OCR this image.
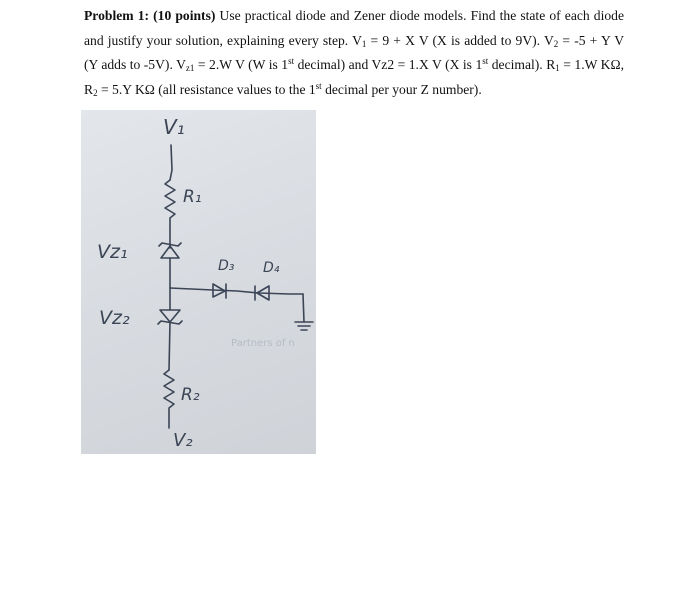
Problem 1: (10 points) Use practical diode and Zener diode models. Find the state of each diode and justify your solution, explaining every step. $V_1 = 9 + X$ V (X is added to 9V). $V_2 = -5 + Y$ V (Y adds to -5V). $V_{z1} = 2.W$ V (W is 1st decimal) and Vz2 = 1.X V (X is 1st decimal). $R_1 = 1.W$ KΩ, $R_2 = 5.Y$ KΩ (all resistance values to the 1st decimal per your Z number).

V₁
R₁
Vz₁
D₃ D₄
Vz₂
R₂
V₂
Partners of n
